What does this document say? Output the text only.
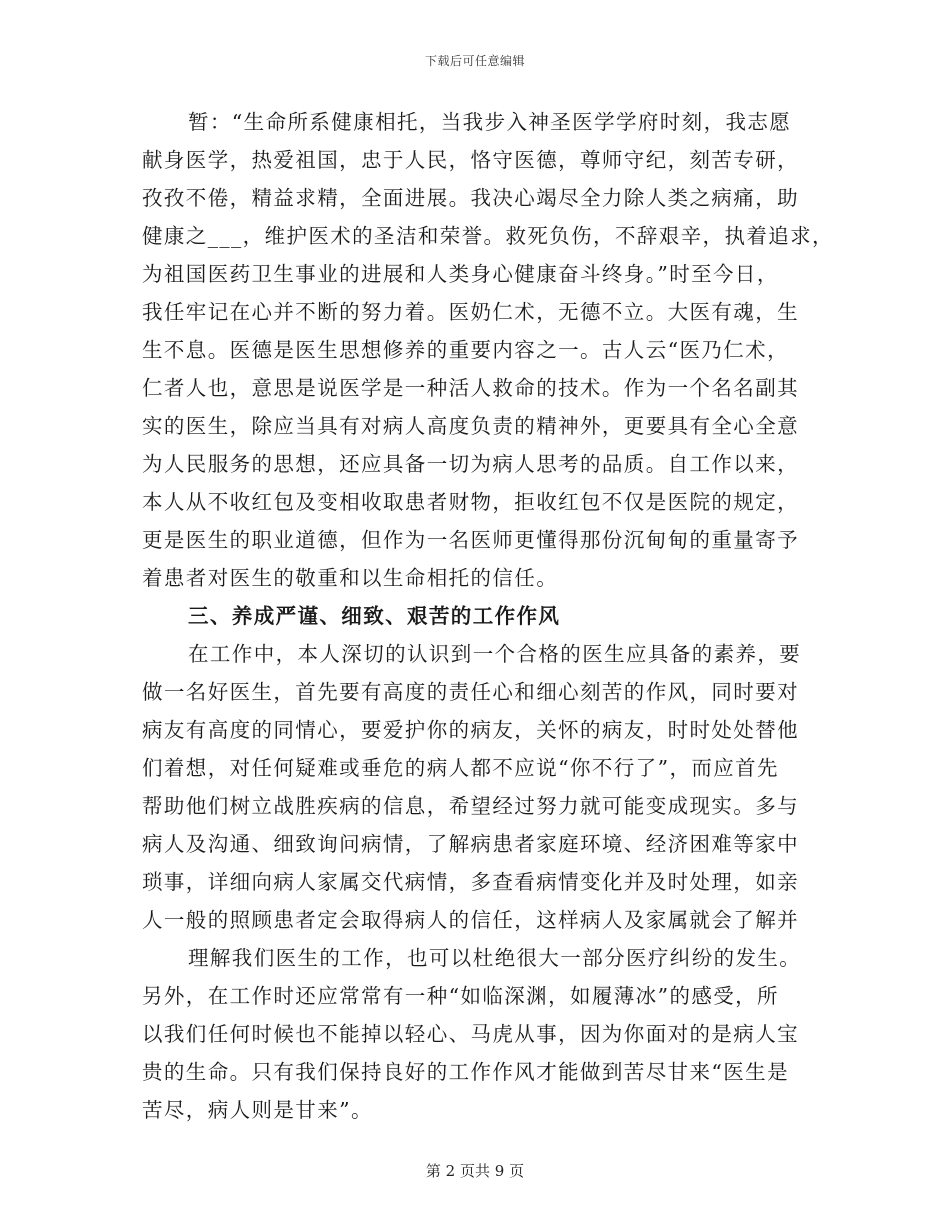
下载后可任意编辑
暂：“生命所系健康相托，当我步入神圣医学学府时刻，我志愿
献身医学，热爱祖国，忠于人民，恪守医德，尊师守纪，刻苦专研，
孜孜不倦，精益求精，全面进展。我决心竭尽全力除人类之病痛，助
健康之___，维护医术的圣洁和荣誉。救死负伤，不辞艰辛，执着追求，
为祖国医药卫生事业的进展和人类身心健康奋斗终身。”时至今日，
我任牢记在心并不断的努力着。医奶仁术，无德不立。大医有魂，生
生不息。医德是医生思想修养的重要内容之一。古人云“医乃仁术，
仁者人也，意思是说医学是一种活人救命的技术。作为一个名名副其
实的医生，除应当具有对病人高度负责的精神外，更要具有全心全意
为人民服务的思想，还应具备一切为病人思考的品质。自工作以来，
本人从不收红包及变相收取患者财物，拒收红包不仅是医院的规定，
更是医生的职业道德，但作为一名医师更懂得那份沉甸甸的重量寄予
着患者对医生的敬重和以生命相托的信任。
三、养成严谨、细致、艰苦的工作作风
在工作中，本人深切的认识到一个合格的医生应具备的素养，要
做一名好医生，首先要有高度的责任心和细心刻苦的作风，同时要对
病友有高度的同情心，要爱护你的病友，关怀的病友，时时处处替他
们着想，对任何疑难或垂危的病人都不应说“你不行了”，而应首先
帮助他们树立战胜疾病的信息，希望经过努力就可能变成现实。多与
病人及沟通、细致询问病情，了解病患者家庭环境、经济困难等家中
琐事，详细向病人家属交代病情，多查看病情变化并及时处理，如亲
人一般的照顾患者定会取得病人的信任，这样病人及家属就会了解并
理解我们医生的工作，也可以杜绝很大一部分医疗纠纷的发生。
另外，在工作时还应常常有一种“如临深渊，如履薄冰”的感受，所
以我们任何时候也不能掉以轻心、马虎从事，因为你面对的是病人宝
贵的生命。只有我们保持良好的工作作风才能做到苦尽甘来“医生是
苦尽，病人则是甘来”。
第 2 页共 9 页
